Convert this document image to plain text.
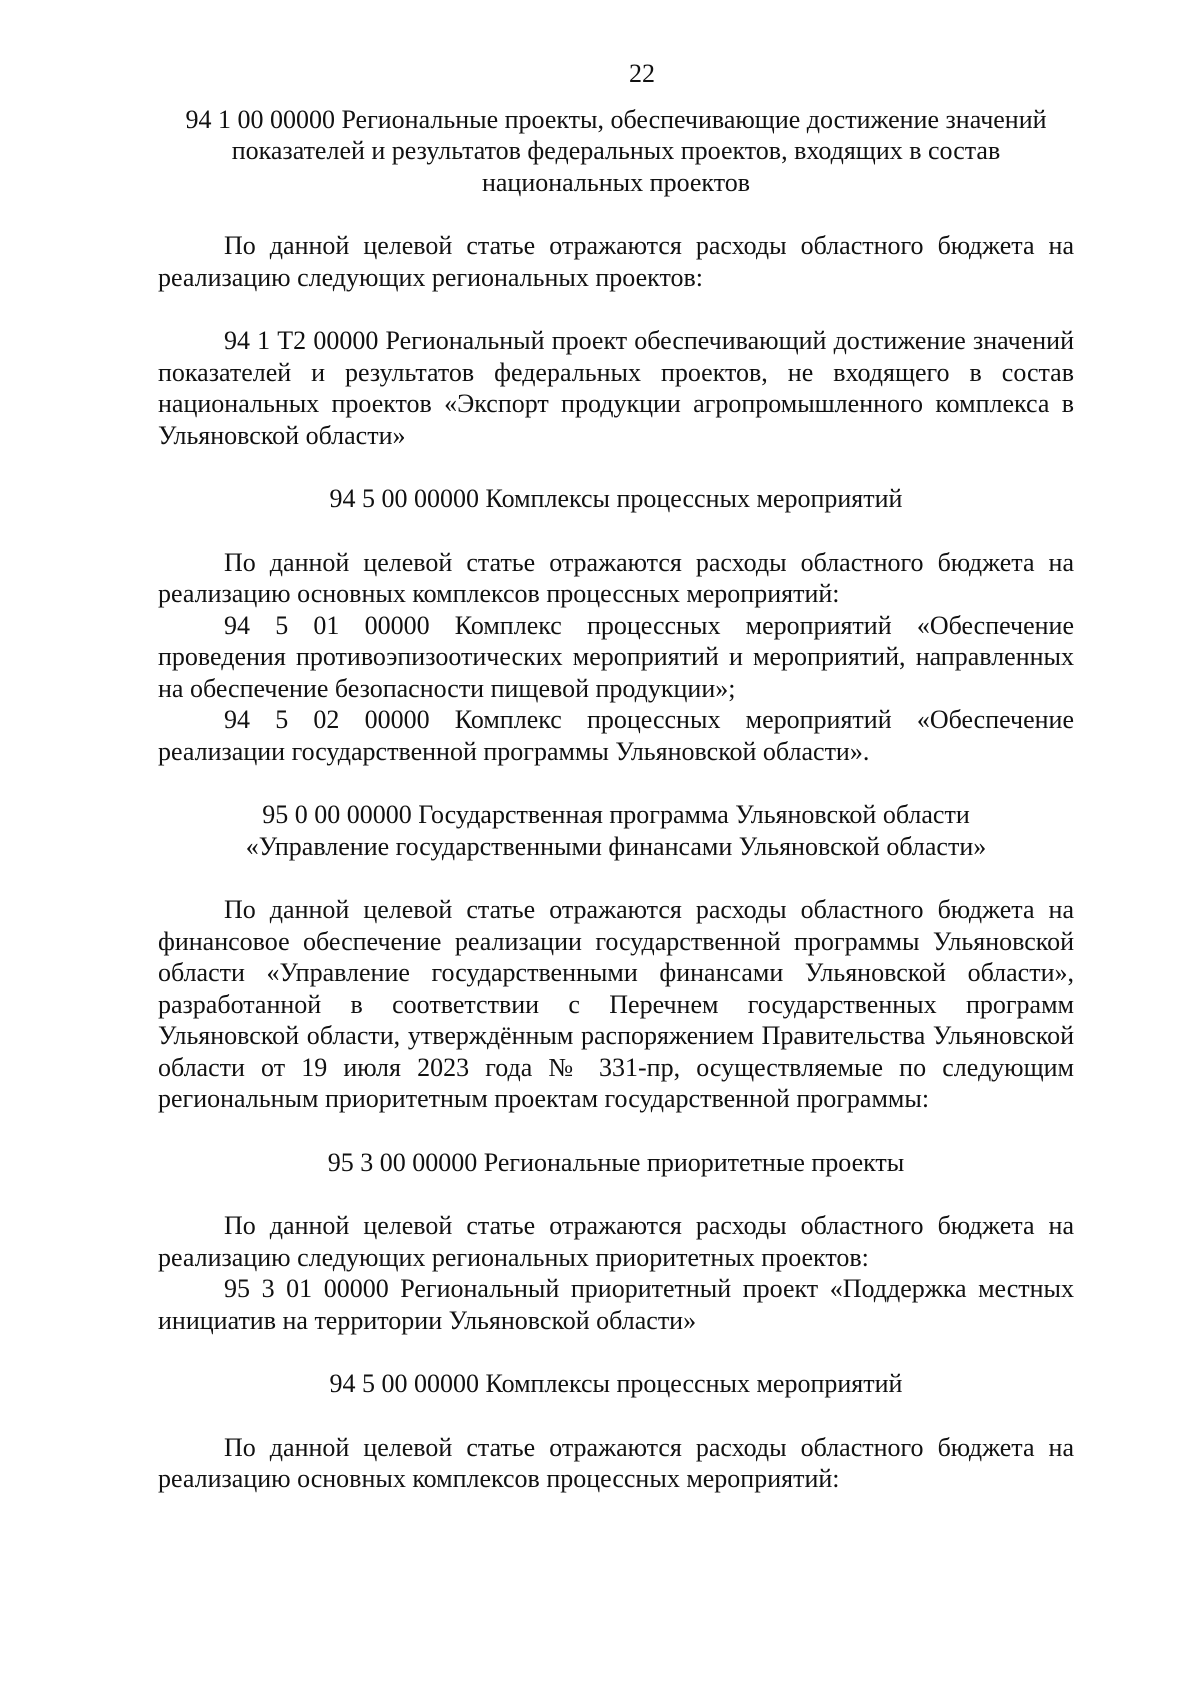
22

94 1 00 00000 Региональные проекты, обеспечивающие достижение значений показателей и результатов федеральных проектов, входящих в состав национальных проектов

По данной целевой статье отражаются расходы областного бюджета на реализацию следующих региональных проектов:

94 1 Т2 00000 Региональный проект обеспечивающий достижение значений показателей и результатов федеральных проектов, не входящего в состав национальных проектов «Экспорт продукции агропромышленного комплекса в Ульяновской области»

94 5 00 00000 Комплексы процессных мероприятий

По данной целевой статье отражаются расходы областного бюджета на реализацию основных комплексов процессных мероприятий:

94 5 01 00000 Комплекс процессных мероприятий «Обеспечение проведения противоэпизоотических мероприятий и мероприятий, направленных на обеспечение безопасности пищевой продукции»;

94 5 02 00000 Комплекс процессных мероприятий «Обеспечение реализации государственной программы Ульяновской области».

95 0 00 00000 Государственная программа Ульяновской области
«Управление государственными финансами Ульяновской области»

По данной целевой статье отражаются расходы областного бюджета на финансовое обеспечение реализации государственной программы Ульяновской области «Управление государственными финансами Ульяновской области», разработанной в соответствии с Перечнем государственных программ Ульяновской области, утверждённым распоряжением Правительства Ульяновской области от 19 июля 2023 года № 331-пр, осуществляемые по следующим региональным приоритетным проектам государственной программы:

95 3 00 00000 Региональные приоритетные проекты

По данной целевой статье отражаются расходы областного бюджета на реализацию следующих региональных приоритетных проектов:

95 3 01 00000 Региональный приоритетный проект «Поддержка местных инициатив на территории Ульяновской области»

94 5 00 00000 Комплексы процессных мероприятий

По данной целевой статье отражаются расходы областного бюджета на реализацию основных комплексов процессных мероприятий:
